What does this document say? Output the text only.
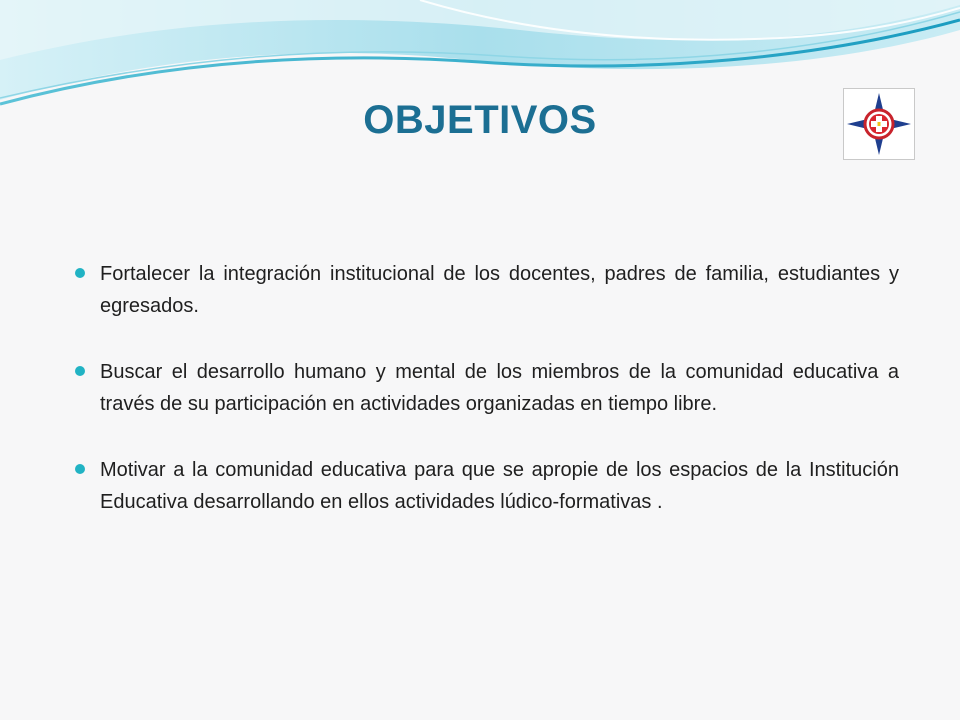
OBJETIVOS
Fortalecer la integración institucional de los docentes, padres de familia, estudiantes y egresados.
Buscar el desarrollo humano y mental de los miembros de la comunidad educativa a través de su participación en actividades organizadas en tiempo libre.
Motivar a la comunidad educativa para que se apropie de los espacios de la Institución Educativa desarrollando en ellos actividades lúdico-formativas .
